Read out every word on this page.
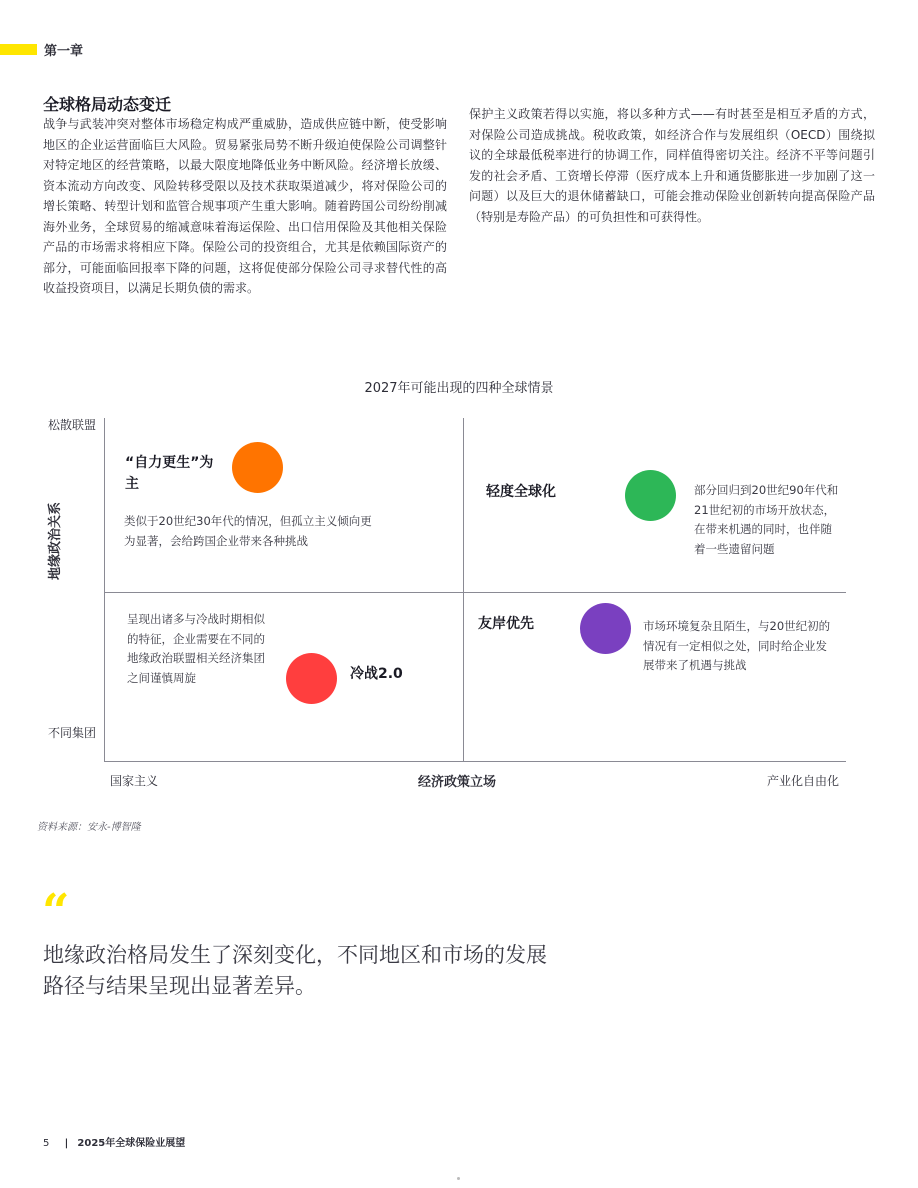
第一章
全球格局动态变迁
战争与武装冲突对整体市场稳定构成严重威胁，造成供应链中断，使受影响地区的企业运营面临巨大风险。贸易紧张局势不断升级迫使保险公司调整针对特定地区的经营策略，以最大限度地降低业务中断风险。经济增长放缓、资本流动方向改变、风险转移受限以及技术获取渠道减少，将对保险公司的增长策略、转型计划和监管合规事项产生重大影响。随着跨国公司纷纷削减海外业务，全球贸易的缩减意味着海运保险、出口信用保险及其他相关保险产品的市场需求将相应下降。保险公司的投资组合，尤其是依赖国际资产的部分，可能面临回报率下降的问题，这将促使部分保险公司寻求替代性的高收益投资项目，以满足长期负债的需求。
保护主义政策若得以实施，将以多种方式——有时甚至是相互矛盾的方式，对保险公司造成挑战。税收政策，如经济合作与发展组织（OECD）围绕拟议的全球最低税率进行的协调工作，同样值得密切关注。经济不平等问题引发的社会矛盾、工资增长停滞（医疗成本上升和通货膨胀进一步加剧了这一问题）以及巨大的退休储蓄缺口，可能会推动保险业创新转向提高保险产品（特别是寿险产品）的可负担性和可获得性。
2027年可能出现的四种全球情景
松散联盟
不同集团
地缘政治关系
国家主义	经济政策立场	产业化自由化
“自力更生”为主
类似于20世纪30年代的情况，但孤立主义倾向更为显著，会给跨国企业带来各种挑战
轻度全球化	部分回归到20世纪90年代和21世纪初的市场开放状态，在带来机遇的同时，也伴随着一些遗留问题
呈现出诸多与冷战时期相似的特征，企业需要在不同的地缘政治联盟相关经济集团之间谨慎周旋	冷战2.0
友岸优先	市场环境复杂且陌生，与20世纪初的情况有一定相似之处，同时给企业发展带来了机遇与挑战
资料来源：安永-博智隆
“
地缘政治格局发生了深刻变化，不同地区和市场的发展路径与结果呈现出显著差异。
5 | 2025年全球保险业展望
